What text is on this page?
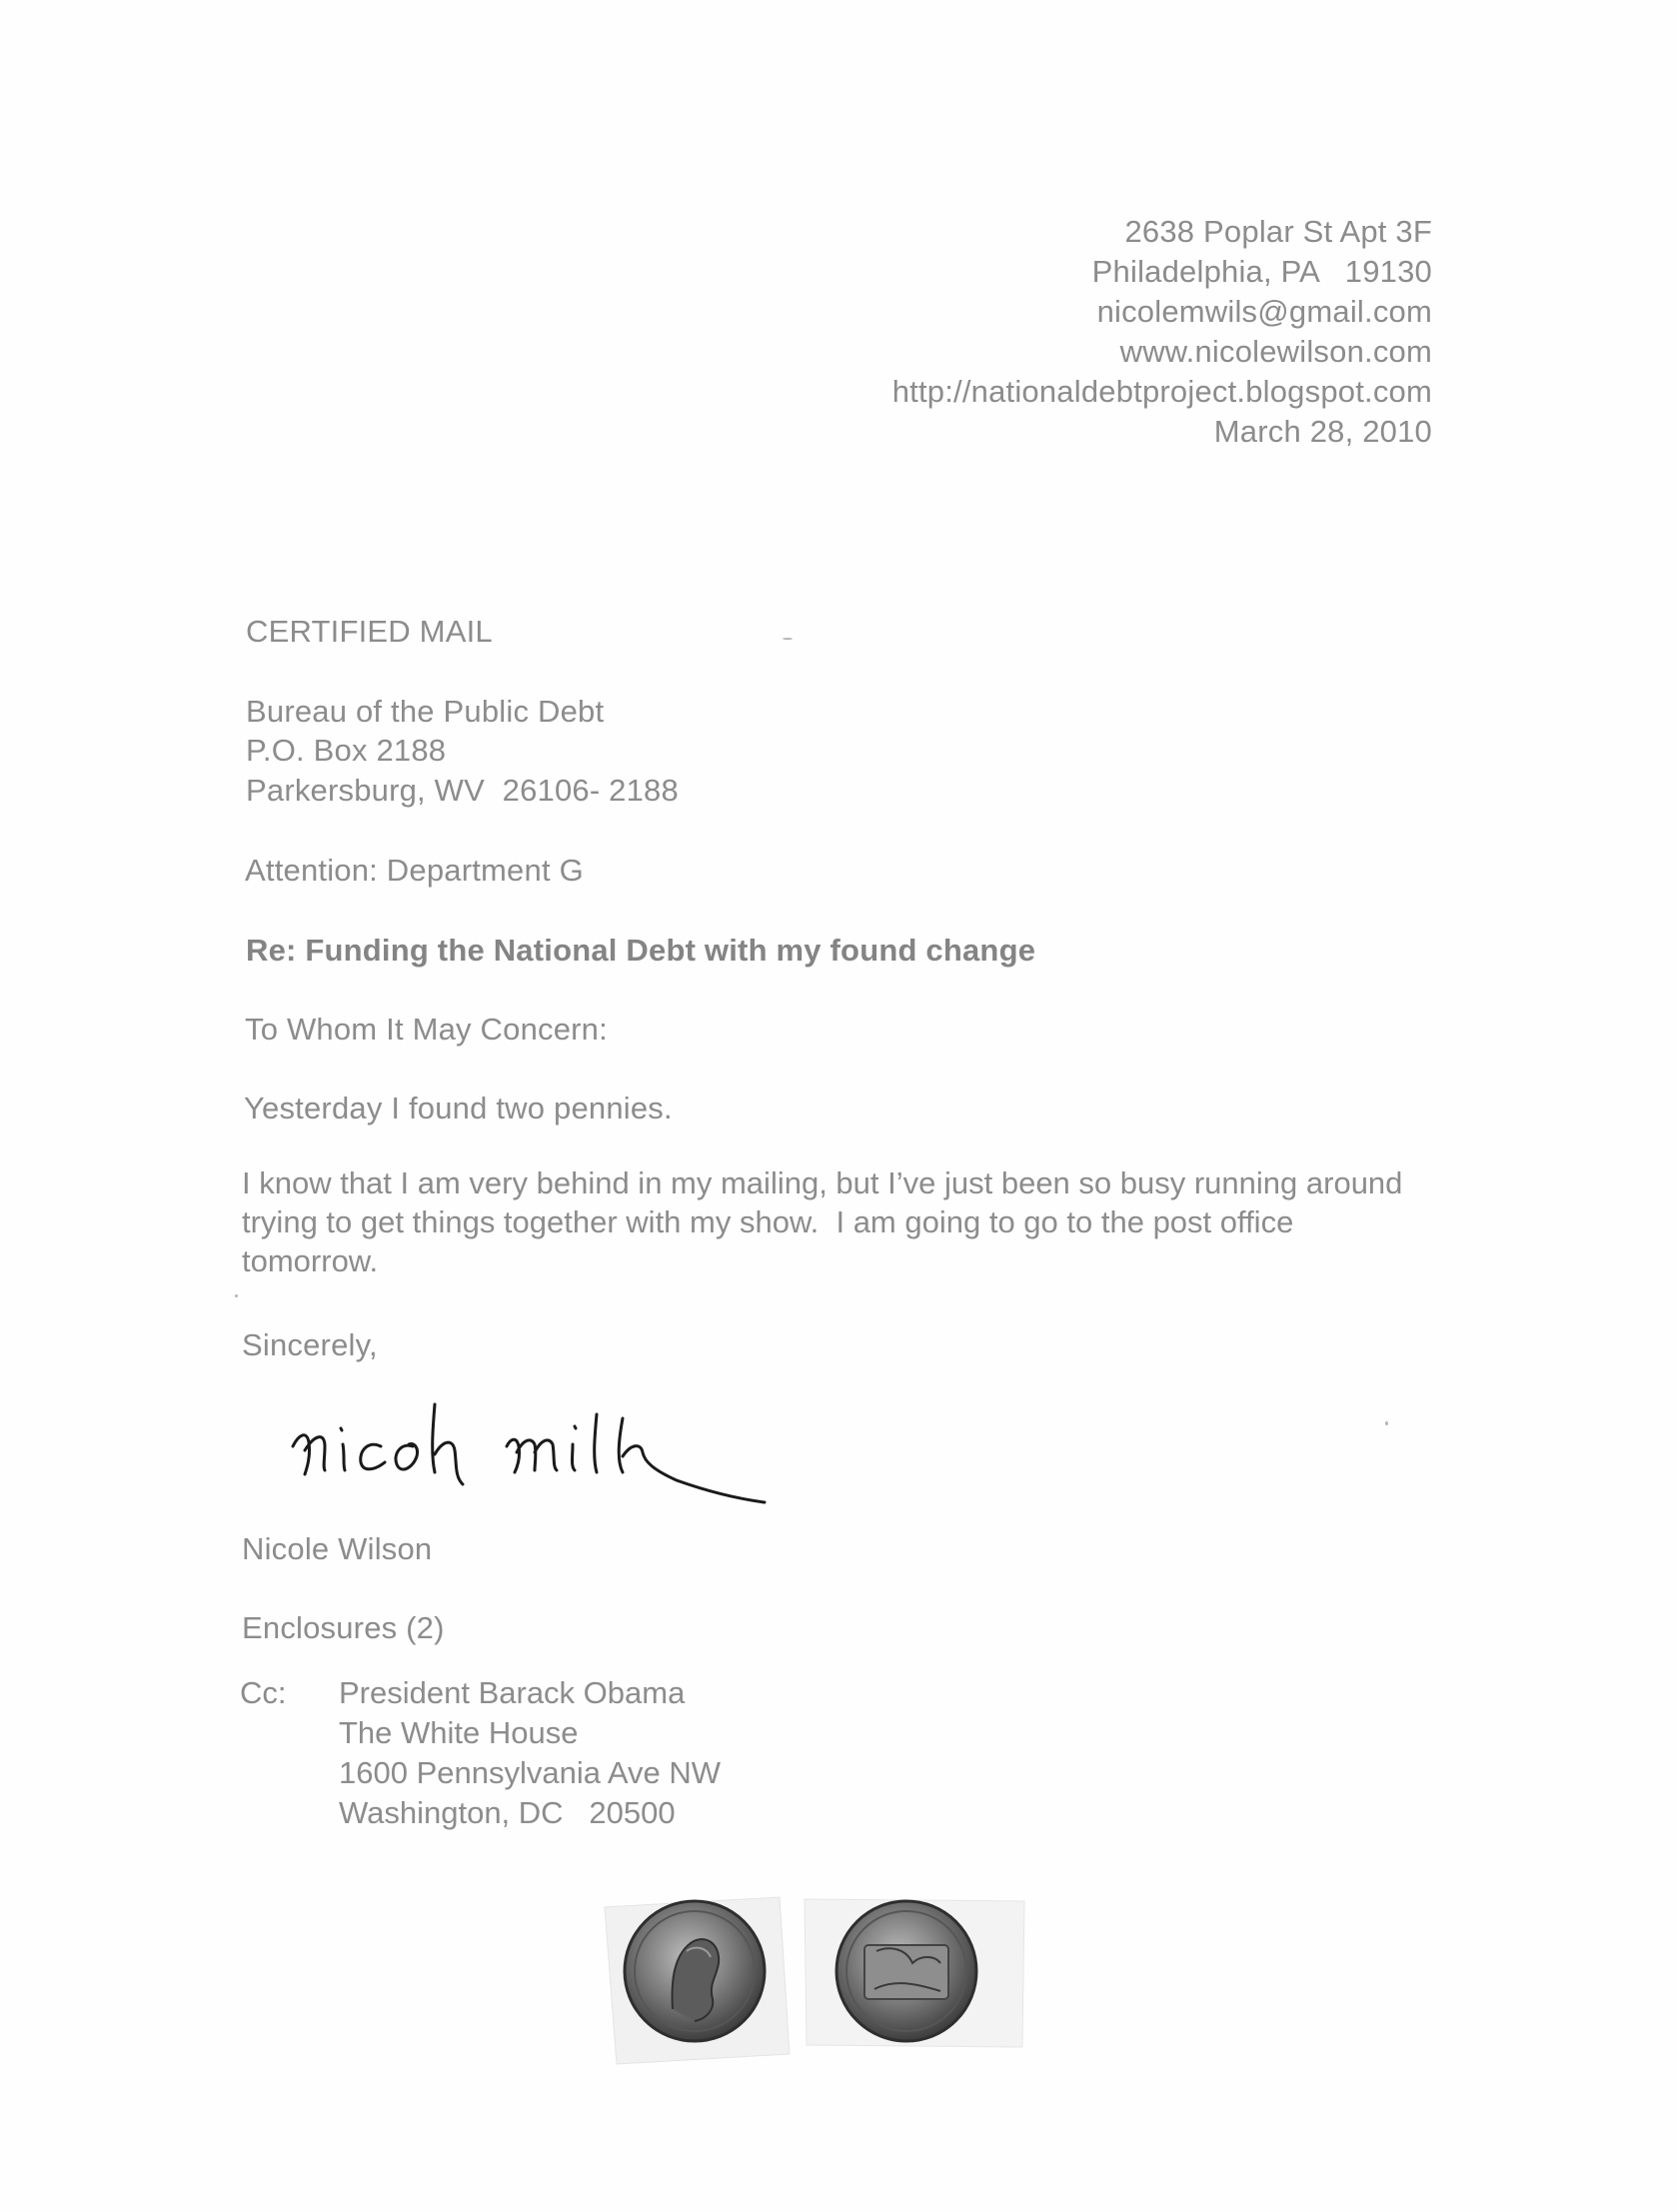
2638 Poplar St Apt 3F
Philadelphia, PA   19130
nicolemwils@gmail.com
www.nicolewilson.com
http://nationaldebtproject.blogspot.com
March 28, 2010
CERTIFIED MAIL
Bureau of the Public Debt
P.O. Box 2188
Parkersburg, WV  26106- 2188
Attention: Department G
Re: Funding the National Debt with my found change
To Whom It May Concern:
Yesterday I found two pennies.
I know that I am very behind in my mailing, but I’ve just been so busy running around trying to get things together with my show.  I am going to go to the post office tomorrow.
Sincerely,
Nicole Wilson
Enclosures (2)
Cc: President Barack Obama
The White House
1600 Pennsylvania Ave NW
Washington, DC   20500
